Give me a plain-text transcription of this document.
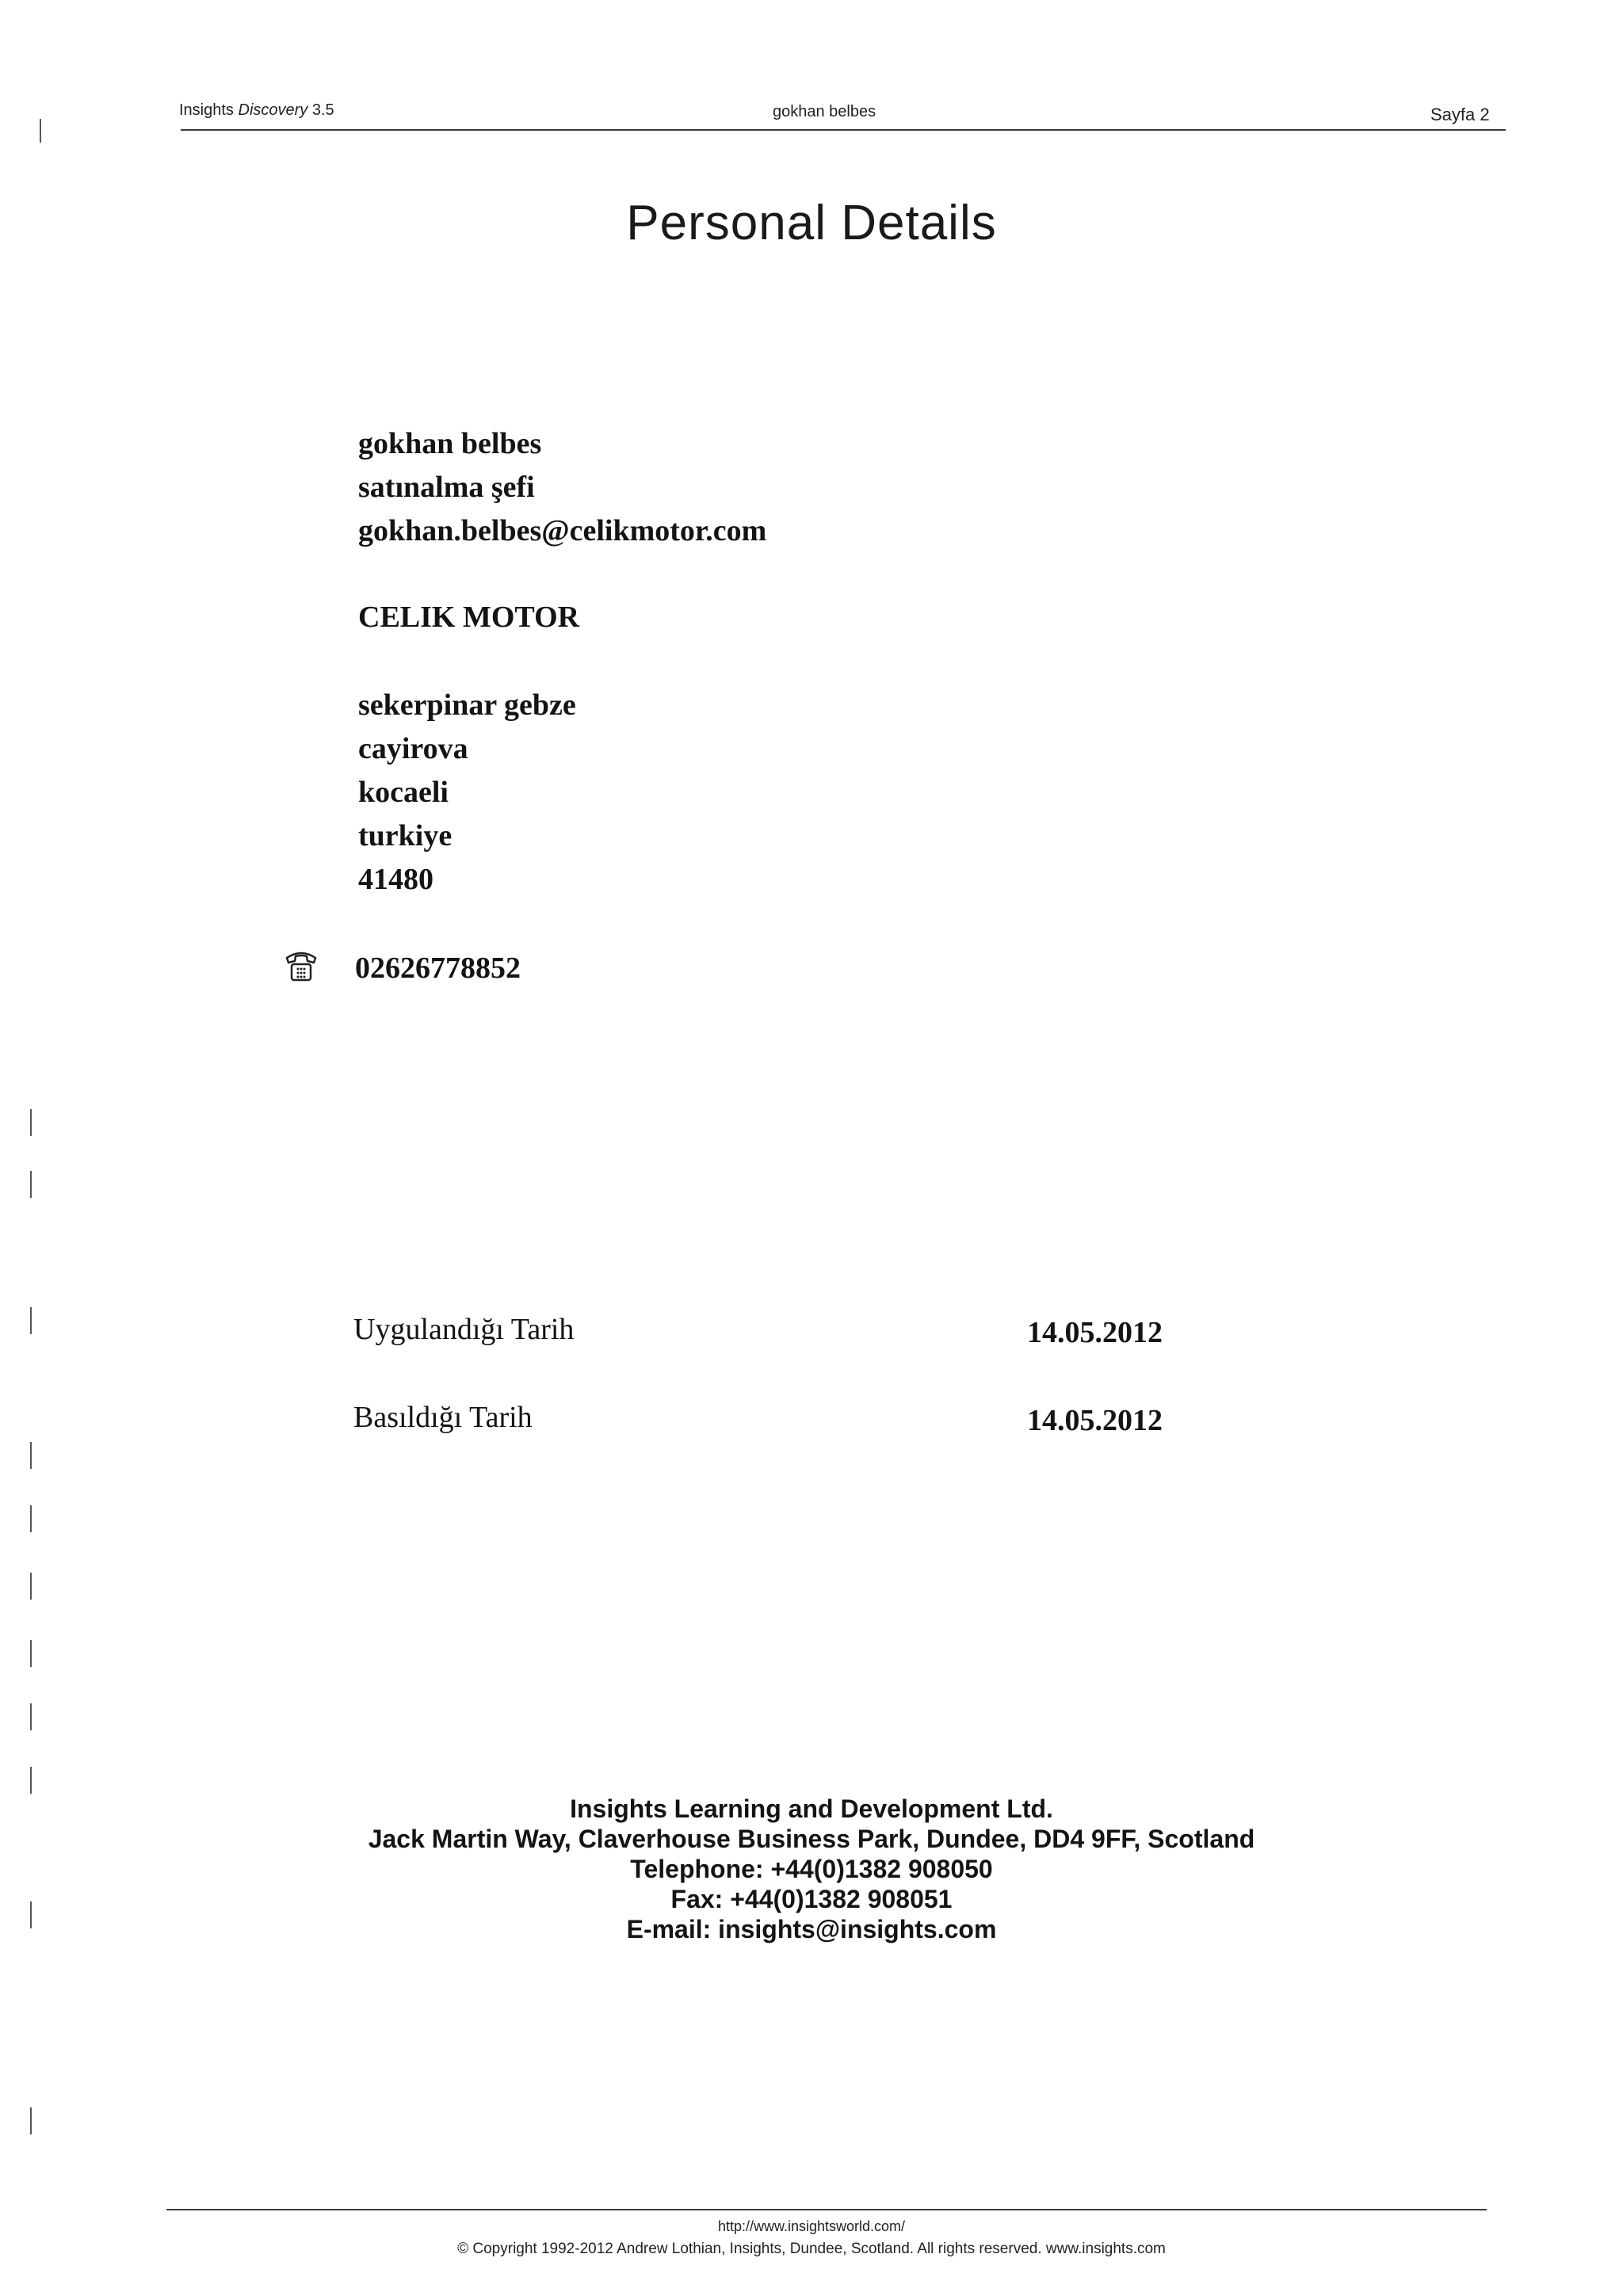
Insights Discovery 3.5	gokhan belbes	Sayfa 2
Personal Details
gokhan belbes
satınalma şefi
gokhan.belbes@celikmotor.com
CELIK MOTOR
sekerpinar gebze
cayirova
kocaeli
turkiye
41480
02626778852
Uygulandığı Tarih	14.05.2012
Basıldığı Tarih	14.05.2012
Insights Learning and Development Ltd.
Jack Martin Way, Claverhouse Business Park, Dundee, DD4 9FF, Scotland
Telephone: +44(0)1382 908050
Fax: +44(0)1382 908051
E-mail: insights@insights.com
http://www.insightsworld.com/
© Copyright 1992-2012 Andrew Lothian, Insights, Dundee, Scotland. All rights reserved. www.insights.com
